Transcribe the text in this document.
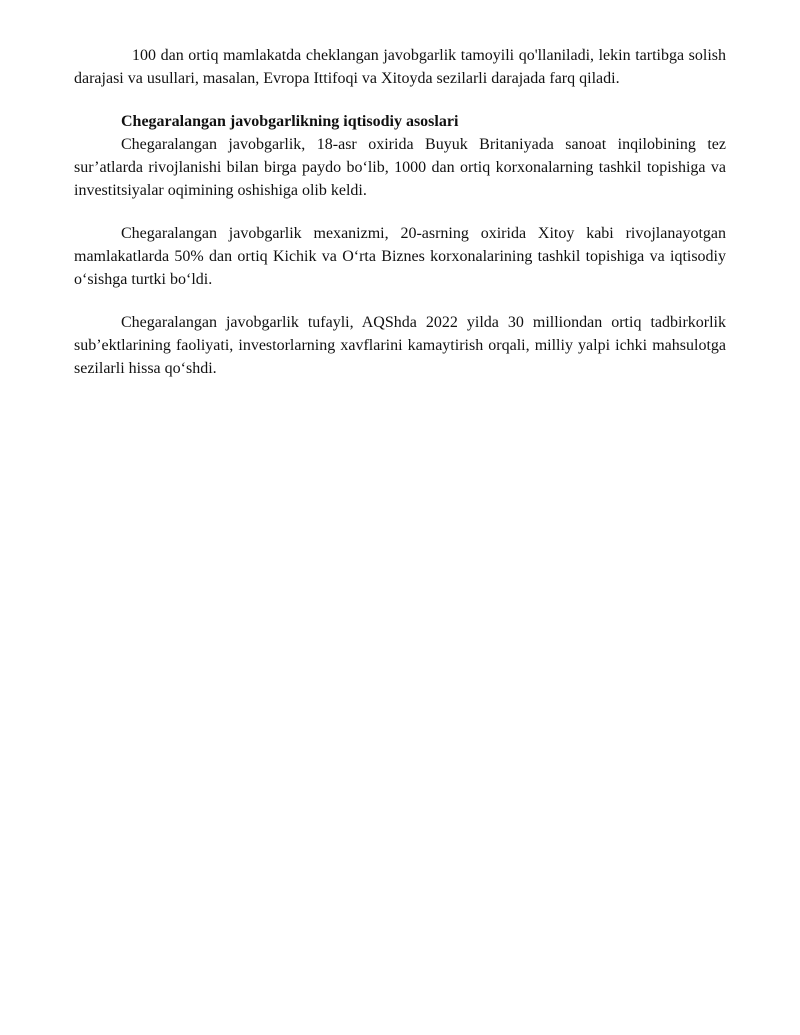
100 dan ortiq mamlakatda cheklangan javobgarlik tamoyili qo'llaniladi, lekin tartibga solish darajasi va usullari, masalan, Evropa Ittifoqi va Xitoyda sezilarli darajada farq qiladi.

Chegaralangan javobgarlikning iqtisodiy asoslari

Chegaralangan javobgarlik, 18-asr oxirida Buyuk Britaniyada sanoat inqilobining tez sur’atlarda rivojlanishi bilan birga paydo bo‘lib, 1000 dan ortiq korxonalarning tashkil topishiga va investitsiyalar oqimining oshishiga olib keldi.

Chegaralangan javobgarlik mexanizmi, 20-asrning oxirida Xitoy kabi rivojlanayotgan mamlakatlarda 50% dan ortiq Kichik va O‘rta Biznes korxonalarining tashkil topishiga va iqtisodiy o‘sishga turtki bo‘ldi.

Chegaralangan javobgarlik tufayli, AQShda 2022 yilda 30 milliondan ortiq tadbirkorlik sub’ektlarining faoliyati, investorlarning xavflarini kamaytirish orqali, milliy yalpi ichki mahsulotga sezilarli hissa qo‘shdi.
